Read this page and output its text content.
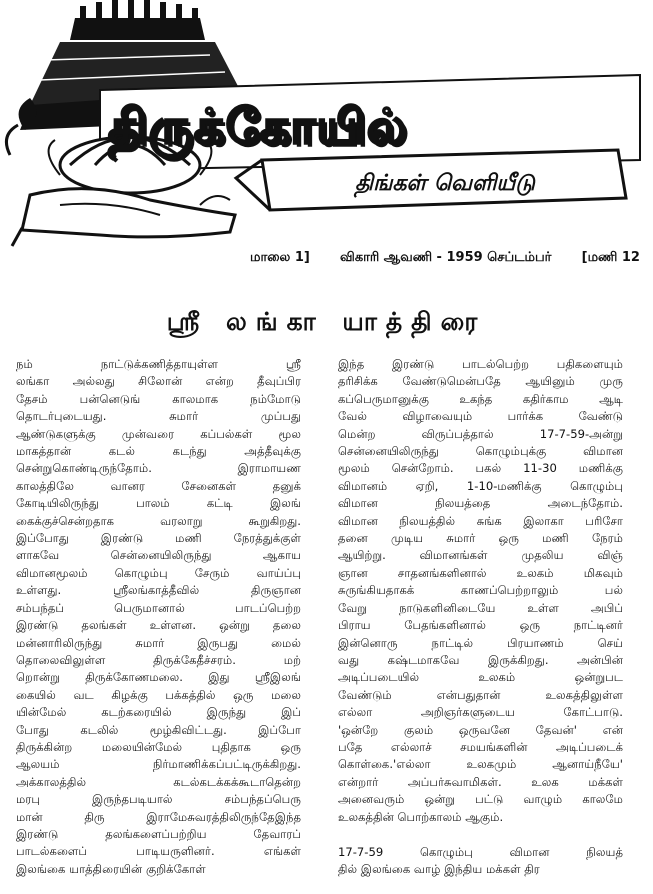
திருக்கோயில்
திங்கள் வெளியீடு
மாலை 1] விகாரி ஆவணி - 1959 செப்டம்பர் [மணி 12
ஸ்ரீ லங்கா யாத்திரை
நம் நாட்டுக்கணித்தாயுள்ள ஸ்ரீ
லங்கா அல்லது சிலோன் என்ற தீவுப்பிர
தேசம் பன்னெடுங் காலமாக நம்மோடு
தொடர்புடையது. சுமார் முப்பது
ஆண்டுகளுக்கு முன்வரை கப்பல்கள் மூல
மாகத்தான் கடல் கடந்து அத்தீவுக்கு
சென்றுகொண்டிருந்தோம். இராமாயண
காலத்திலே வானர சேனைகள் தனுக்
கோடியிலிருந்து பாலம் கட்டி இலங்
கைக்குச்சென்றதாக வரலாறு கூறுகிறது.
இப்போது இரண்டு மணி நேரத்துக்குள்
ளாகவே சென்னையிலிருந்து ஆகாய
விமானமூலம் கொழும்பு சேரும் வாய்ப்பு
உள்ளது. ஸ்ரீலங்காத்தீவில் திருஞான
சம்பந்தப் பெருமானால் பாடப்பெற்ற
இரண்டு தலங்கள் உள்ளன. ஒன்று தலை
மன்னாரிலிருந்து சுமார் இருபது மைல்
தொலைவிலுள்ள திருக்கேதீச்சரம். மற்
றொன்று திருக்கோணமலை. இது ஸ்ரீஇலங்
கையில் வட கிழக்கு பக்கத்தில் ஒரு மலை
யின்மேல் கடற்கரையில் இருந்து இப்
போது கடலில் மூழ்கிவிட்டது. இப்போ
திருக்கின்ற மலையின்மேல் புதிதாக ஒரு
ஆலயம் நிர்மாணிக்கப்பட்டிருக்கிறது.
அக்காலத்தில் கடல்கடக்கக்கூடாதென்ற
மரபு இருந்தபடியால் சம்பந்தப்பெரு
மான் திரு இராமேசுவரத்திலிருந்தேஇந்த
இரண்டு தலங்களைப்பற்றிய தேவாரப்
பாடல்களைப் பாடியருளினர். எங்கள்
இலங்கை யாத்திரையின் குறிக்கோள்
இந்த இரண்டு பாடல்பெற்ற பதிகளையும்
தரிசிக்க வேண்டுமென்பதே ஆயினும் முரு
கப்பெருமானுக்கு உகந்த கதிர்காம ஆடி
வேல் விழாவையும் பார்க்க வேண்டு
மென்ற விருப்பத்தால் 17-7-59-அன்று
சென்னையிலிருந்து கொழும்புக்கு விமான
மூலம் சென்றோம். பகல் 11-30 மணிக்கு
விமானம் ஏறி, 1-10-மணிக்கு கொழும்பு
விமான நிலயத்தை அடைந்தோம்.
விமான நிலயத்தில் சுங்க இலாகா பரிசோ
தனை முடிய சுமார் ஒரு மணி நேரம்
ஆயிற்று. விமானங்கள் முதலிய விஞ்
ஞான சாதனங்களினால் உலகம் மிகவும்
சுருங்கியதாகக் காணப்பெற்றாலும் பல்
வேறு நாடுகளினிடையே உள்ள அபிப்
பிராய பேதங்களினால் ஒரு நாட்டினர்
இன்னொரு நாட்டில் பிரயாணம் செய்
வது கஷ்டமாகவே இருக்கிறது. அன்பின்
அடிப்படையில் உலகம் ஒன்றுபட
வேண்டும் என்பதுதான் உலகத்திலுள்ள
எல்லா அறிஞர்களுடைய கோட்பாடு.
'ஒன்றே குலம் ஒருவனே தேவன்' என்
பதே எல்லாச் சமயங்களின் அடிப்படைக்
கொள்கை.'எல்லா உலகமும் ஆனாய்நீயே'
என்றார் அப்பர்சுவாமிகள். உலக மக்கள்
அனைவரும் ஒன்று பட்டு வாழும் காலமே
உலகத்தின் பொற்காலம் ஆகும்.
17-7-59 கொழும்பு விமான நிலயத்
தில் இலங்கை வாழ் இந்திய மக்கள் திர
